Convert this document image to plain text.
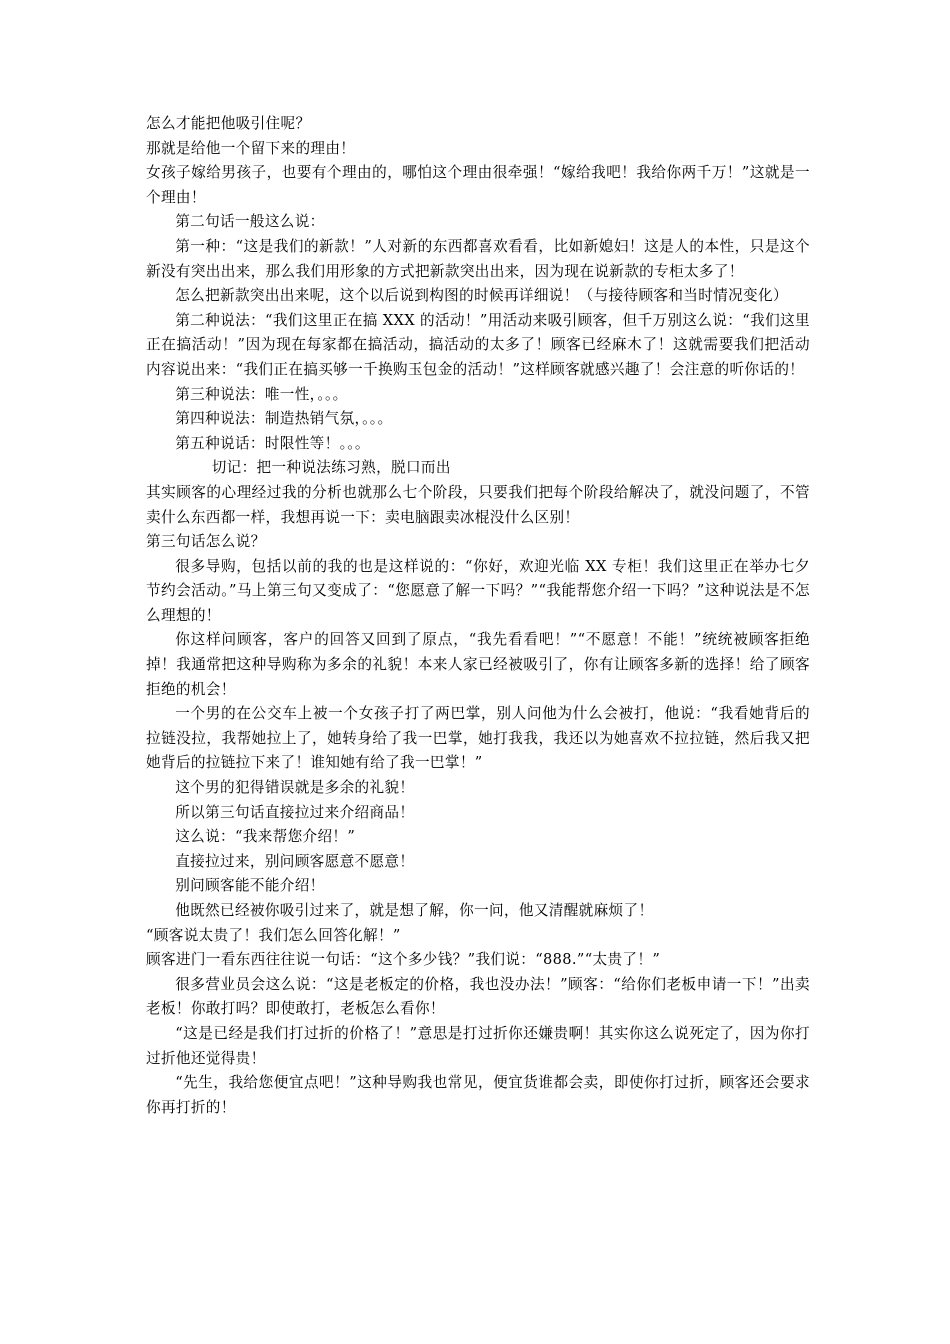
怎么才能把他吸引住呢？

那就是给他一个留下来的理由！

女孩子嫁给男孩子，也要有个理由的，哪怕这个理由很牵强！“嫁给我吧！我给你两千万！”这就是一个理由！

第二句话一般这么说：

第一种：“这是我们的新款！”人对新的东西都喜欢看看，比如新媳妇！这是人的本性，只是这个新没有突出出来，那么我们用形象的方式把新款突出出来，因为现在说新款的专柜太多了！

怎么把新款突出出来呢，这个以后说到构图的时候再详细说！（与接待顾客和当时情况变化）

第二种说法：“我们这里正在搞 XXX 的活动！”用活动来吸引顾客，但千万别这么说：“我们这里正在搞活动！”因为现在每家都在搞活动，搞活动的太多了！顾客已经麻木了！这就需要我们把活动内容说出来：“我们正在搞买够一千换购玉包金的活动！”这样顾客就感兴趣了！会注意的听你话的！

第三种说法：唯一性，。。。

第四种说法：制造热销气氛，。。。

第五种说话：时限性等！。。。

切记：把一种说法练习熟，脱口而出

其实顾客的心理经过我的分析也就那么七个阶段，只要我们把每个阶段给解决了，就没问题了，不管卖什么东西都一样，我想再说一下：卖电脑跟卖冰棍没什么区别！

第三句话怎么说？

很多导购，包括以前的我的也是这样说的：“你好，欢迎光临 XX 专柜！我们这里正在举办七夕节约会活动。”马上第三句又变成了：“您愿意了解一下吗？”“我能帮您介绍一下吗？”这种说法是不怎么理想的！

你这样问顾客，客户的回答又回到了原点，“我先看看吧！”“不愿意！不能！”统统被顾客拒绝掉！我通常把这种导购称为多余的礼貌！本来人家已经被吸引了，你有让顾客多新的选择！给了顾客拒绝的机会！

一个男的在公交车上被一个女孩子打了两巴掌，别人问他为什么会被打，他说：“我看她背后的拉链没拉，我帮她拉上了，她转身给了我一巴掌，她打我我，我还以为她喜欢不拉拉链，然后我又把她背后的拉链拉下来了！谁知她有给了我一巴掌！”

这个男的犯得错误就是多余的礼貌！

所以第三句话直接拉过来介绍商品！

这么说：“我来帮您介绍！”

直接拉过来，别问顾客愿意不愿意！

别问顾客能不能介绍！

他既然已经被你吸引过来了，就是想了解，你一问，他又清醒就麻烦了！

“顾客说太贵了！我们怎么回答化解！”

顾客进门一看东西往往说一句话：“这个多少钱？”我们说：“888.”“太贵了！”

很多营业员会这么说：“这是老板定的价格，我也没办法！”顾客：“给你们老板申请一下！”出卖老板！你敢打吗？即使敢打，老板怎么看你！

“这是已经是我们打过折的价格了！”意思是打过折你还嫌贵啊！其实你这么说死定了，因为你打过折他还觉得贵！

“先生，我给您便宜点吧！”这种导购我也常见，便宜货谁都会卖，即使你打过折，顾客还会要求你再打折的！
